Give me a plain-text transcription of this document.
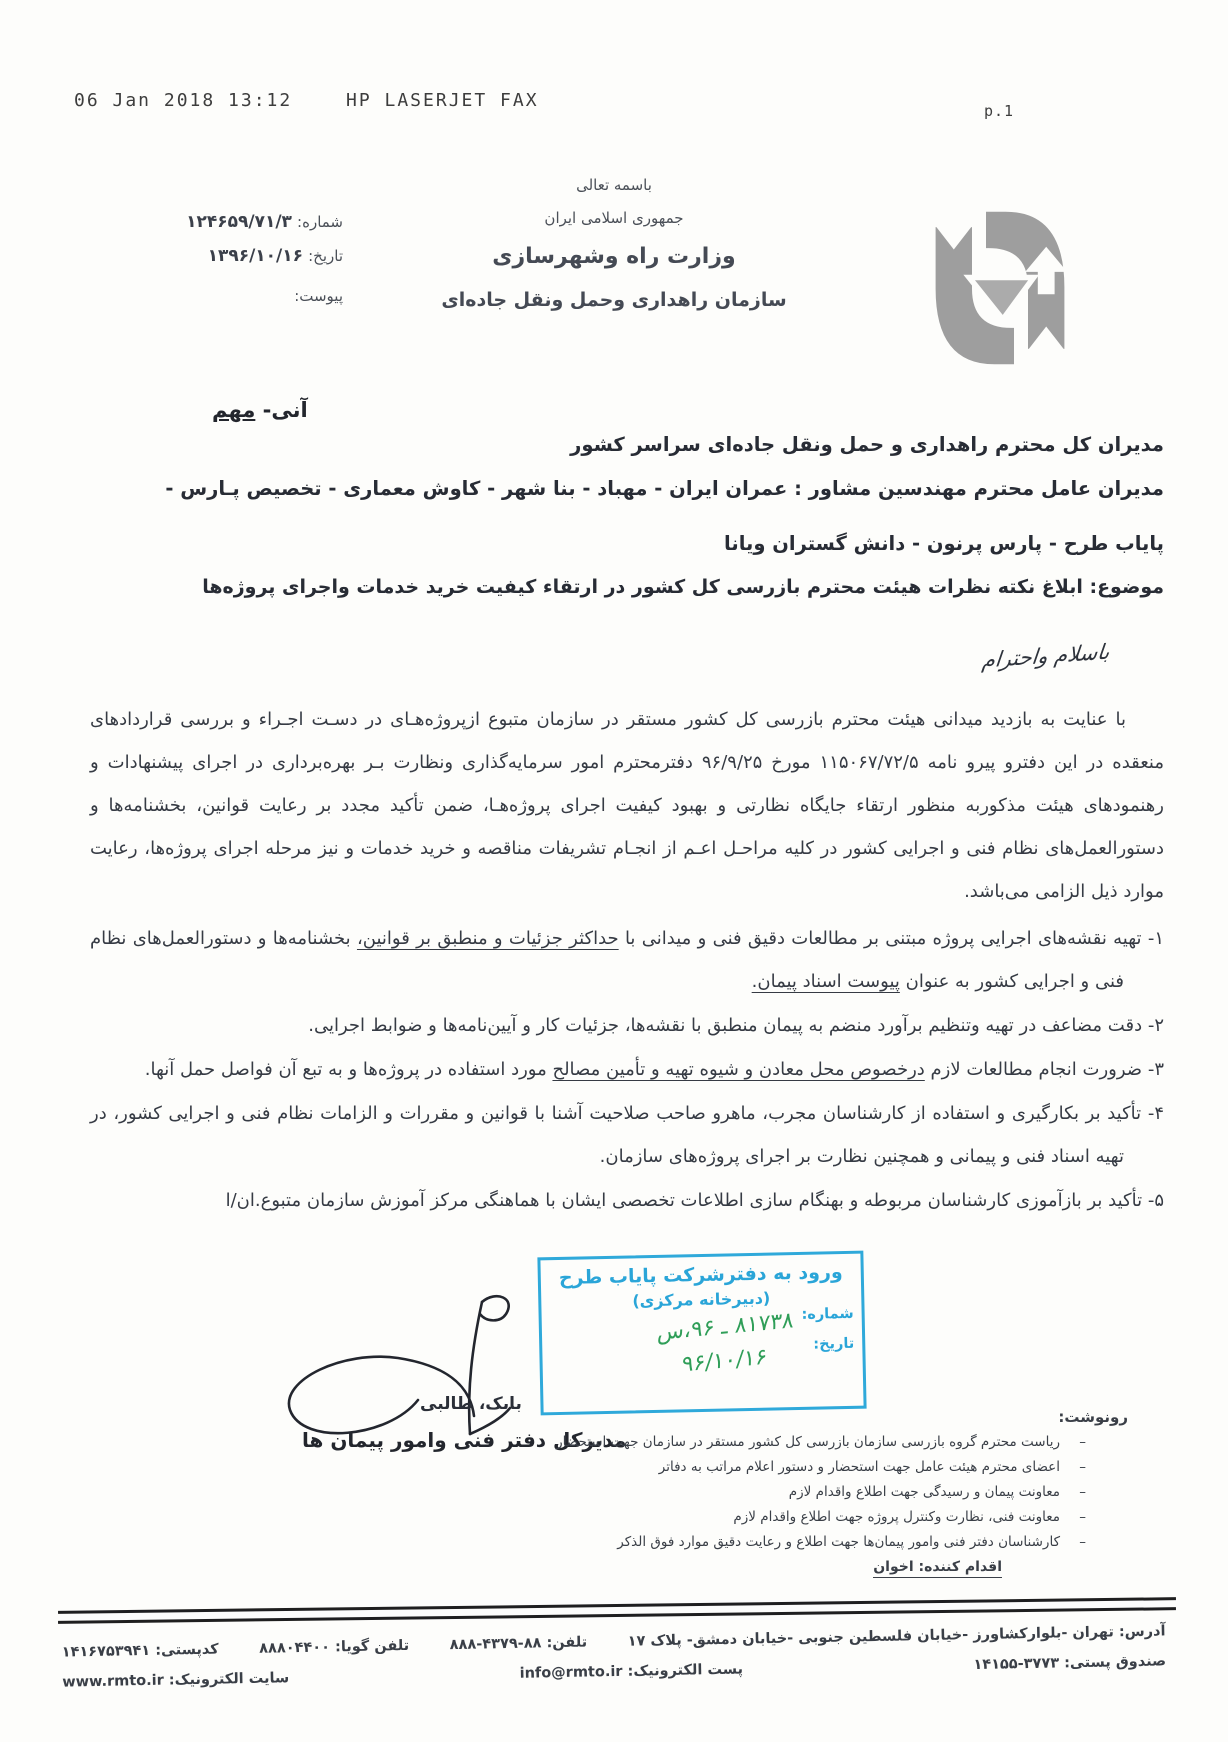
06 Jan 2018 13:12	HP LASERJET FAX	p.1
باسمه تعالی
جمهوری اسلامی ایران
وزارت راه وشهرسازی
سازمان راهداری وحمل ونقل جاده‌ای
شماره: ۱۲۴۶۵۹/۷۱/۳
تاریخ: ۱۳۹۶/۱۰/۱۶
پیوست:
آنی- مهم
مدیران کل محترم راهداری و حمل ونقل جاده‌ای سراسر کشور
مدیران عامل محترم مهندسین مشاور : عمران ایران - مهباد - بنا شهر - کاوش معماری - تخصیص پـارس -
پایاب طرح - پارس پرنون - دانش گستران ویانا
موضوع: ابلاغ نکته نظرات هیئت محترم بازرسی کل کشور در ارتقاء کیفیت خرید خدمات واجرای پروژه‌ها
باسلام واحترام

با عنایت به بازدید میدانی هیئت محترم بازرسی کل کشور مستقر در سازمان متبوع ازپروژه‌هـای در دسـت اجـراء و بررسی قراردادهای منعقده در این دفترو پیرو نامه ۱۱۵۰۶۷/۷۲/۵ مورخ ۹۶/۹/۲۵ دفترمحترم امور سرمایه‌گذاری ونظارت بـر بهره‌برداری در اجرای پیشنهادات و رهنمودهای هیئت مذکوربه منظور ارتقاء جایگاه نظارتی و بهبود کیفیت اجرای پروژه‌هـا، ضمن تأکید مجدد بر رعایت قوانین، بخشنامه‌ها و دستورالعمل‌های نظام فنی و اجرایی کشور در کلیه مراحـل اعـم از انجـام تشریفات مناقصه و خرید خدمات و نیز مرحله اجرای پروژه‌ها، رعایت موارد ذیل الزامی می‌باشد.

۱- تهیه نقشه‌های اجرایی پروژه مبتنی بر مطالعات دقیق فنی و میدانی با حداکثر جزئیات و منطبق بر قوانین، بخشنامه‌ها و دستورالعمل‌های نظام فنی و اجرایی کشور به عنوان پیوست اسناد پیمان.
۲- دقت مضاعف در تهیه وتنظیم برآورد منضم به پیمان منطبق با نقشه‌ها، جزئیات کار و آیین‌نامه‌ها و ضوابط اجرایی.
۳- ضرورت انجام مطالعات لازم درخصوص محل معادن و شیوه تهیه و تأمین مصالح مورد استفاده در پروژه‌ها و به تبع آن فواصل حمل آنها.
۴- تأکید بر بکارگیری و استفاده از کارشناسان مجرب، ماهرو صاحب صلاحیت آشنا با قوانین و مقررات و الزامات نظام فنی و اجرایی کشور، در تهیه اسناد فنی و پیمانی و همچنین نظارت بر اجرای پروژه‌های سازمان.
۵- تأکید بر بازآموزی کارشناسان مربوطه و بهنگام سازی اطلاعات تخصصی ایشان با هماهنگی مرکز آموزش سازمان متبوع.ان/ا
ورود به دفترشرکت پایاب طرح
(دبیرخانه مرکزی)
شماره:
۸۱۷۳۸ ـ ۹۶،س
تاریخ:
۹۶/۱۰/۱۶
بابک، طالبی
مدیرکل دفتر فنی وامور پیمان ها
رونوشت:
– ریاست محترم گروه بازرسی سازمان بازرسی کل کشور مستقر در سازمان جهت استحضار
– اعضای محترم هیئت عامل جهت استحضار و دستور اعلام مراتب به دفاتر
– معاونت پیمان و رسیدگی جهت اطلاع واقدام لازم
– معاونت فنی، نظارت وکنترل پروژه جهت اطلاع واقدام لازم
– کارشناسان دفتر فنی وامور پیمان‌ها جهت اطلاع و رعایت دقیق موارد فوق الذکر
اقدام کننده: اخوان
آدرس: تهران -بلوارکشاورز -خیابان فلسطین جنوبی -خیابان دمشق- پلاک ۱۷
تلفن: ۸۸-۴۳۷۹-۸۸۸
تلفن گویا: ۸۸۸۰۴۴۰۰
کدپستی: ۱۴۱۶۷۵۳۹۴۱
صندوق پستی: ۱۴۱۵۵-۳۷۷۳
پست الکترونیک: info@rmto.ir
سایت الکترونیک: www.rmto.ir
